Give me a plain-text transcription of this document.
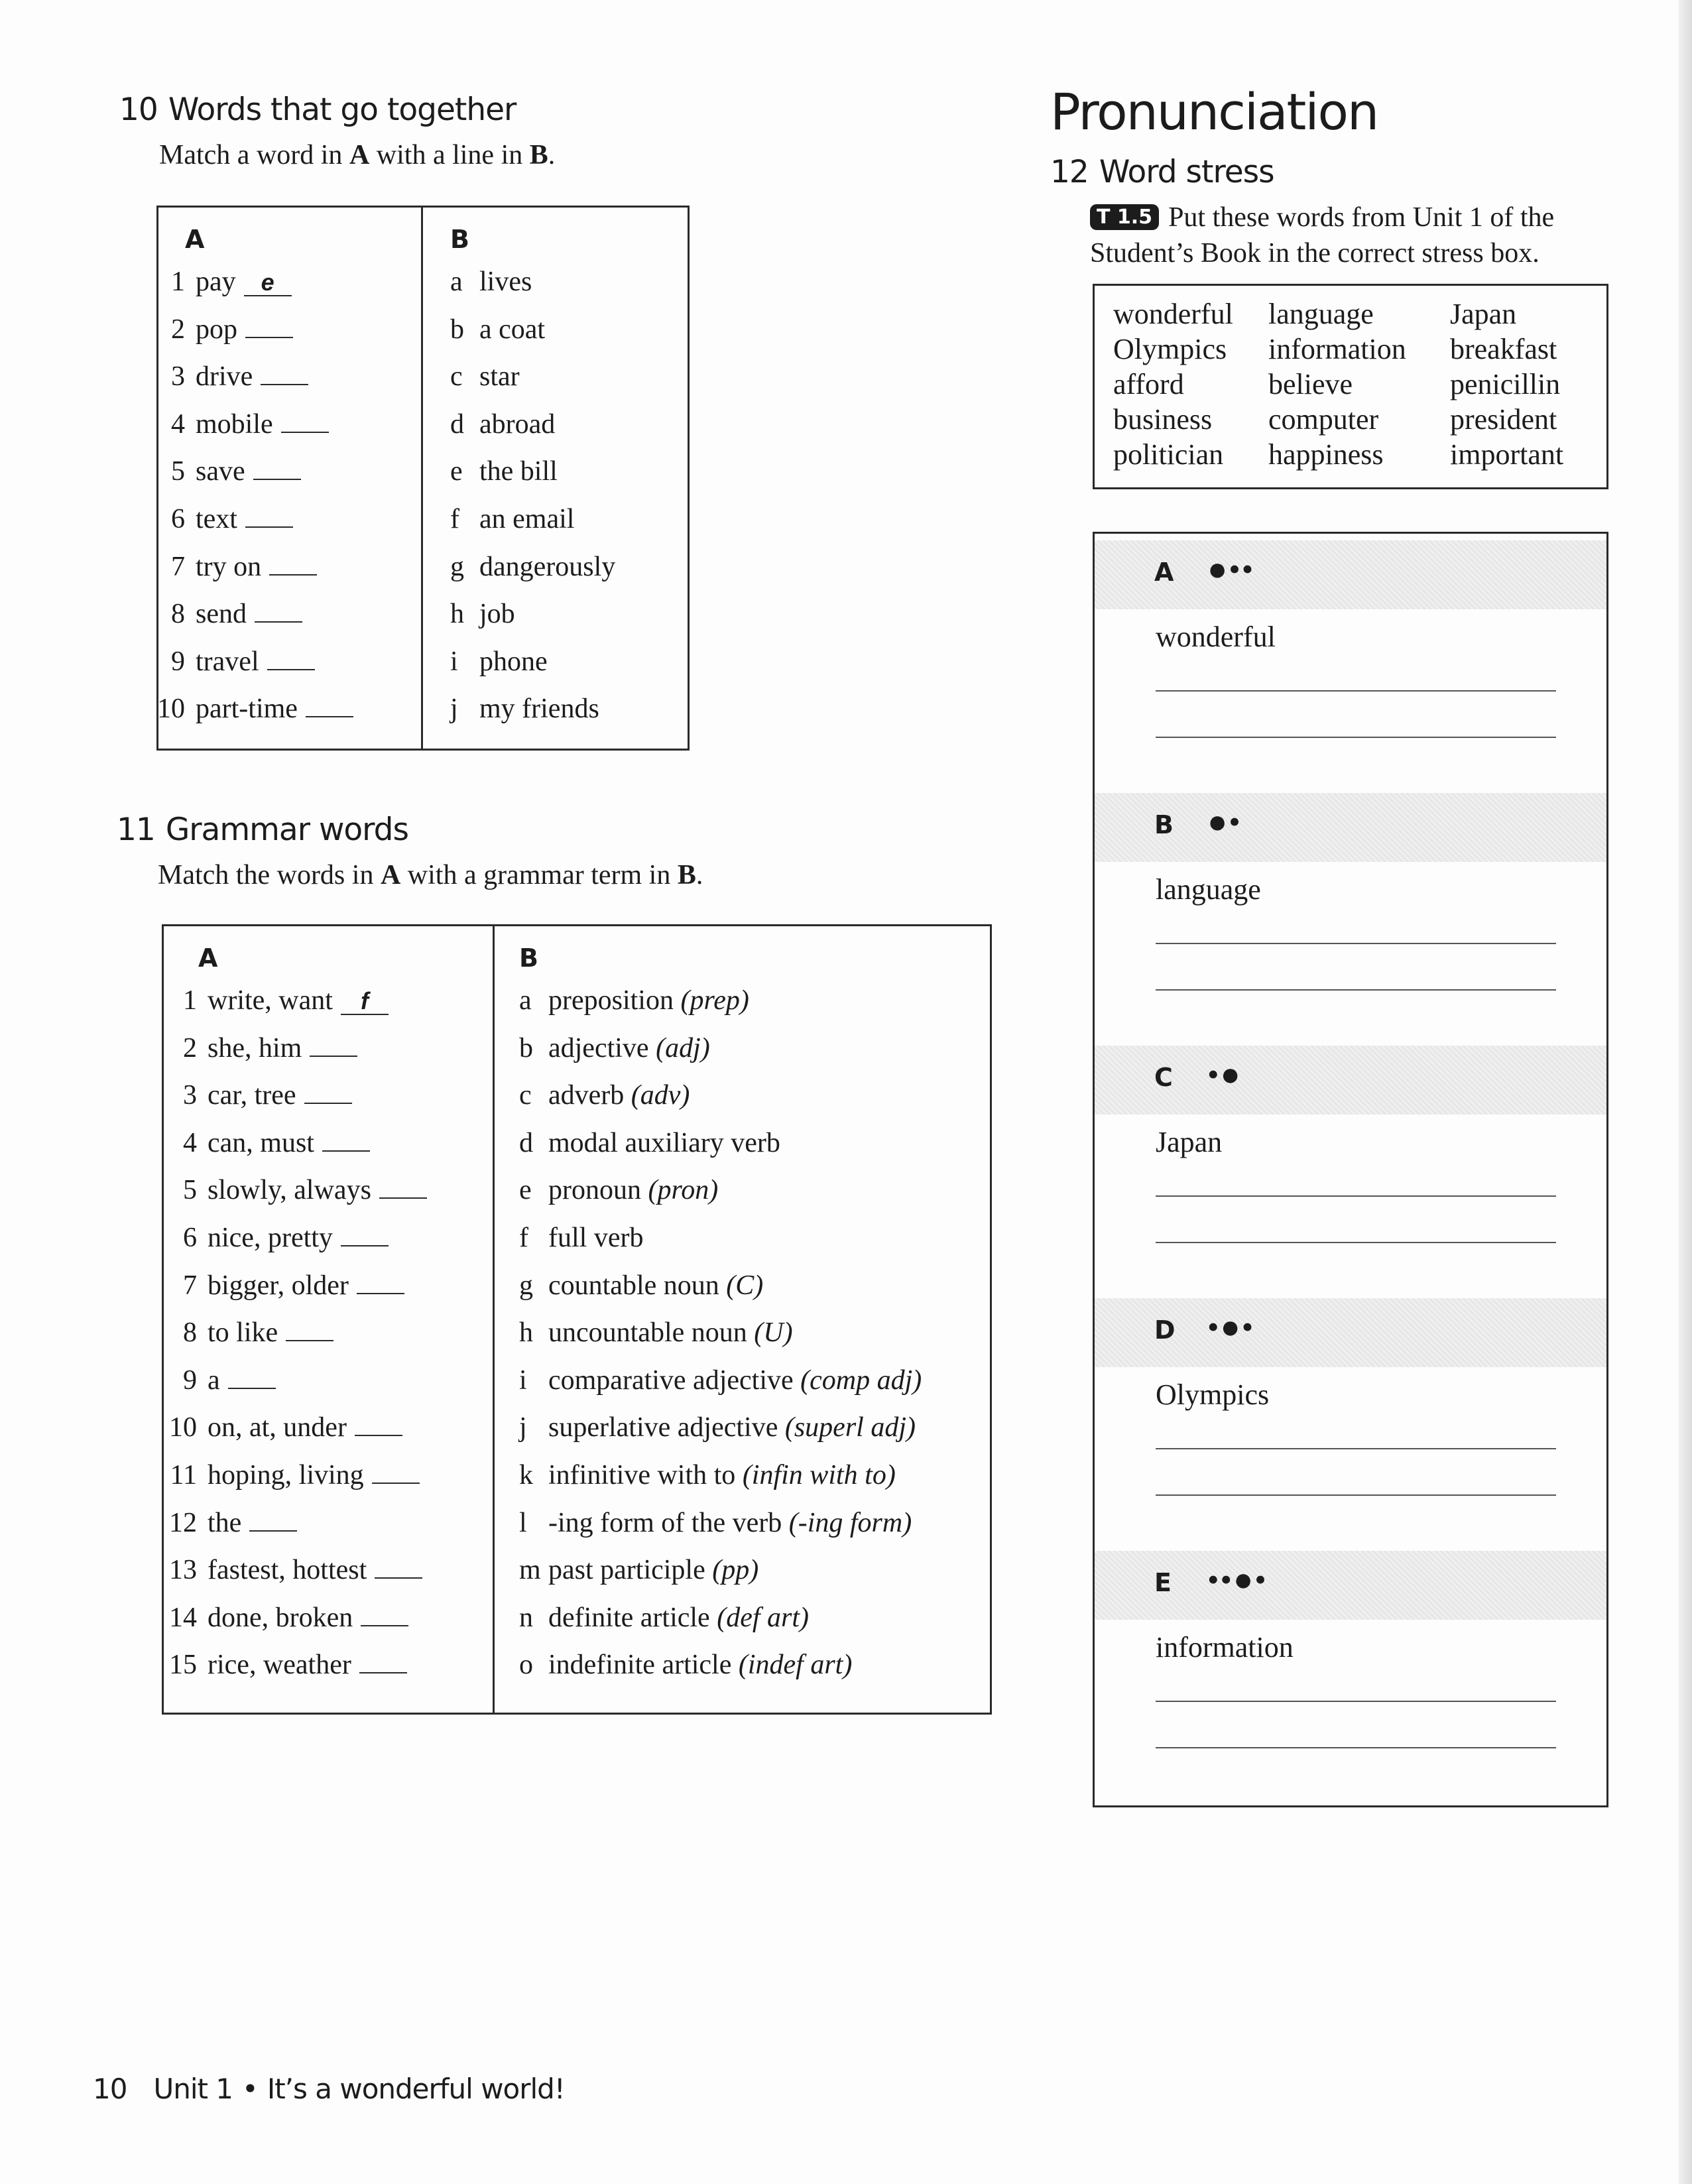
10 Words that go together
Match a word in A with a line in B.
A	B
1 pay e
2 pop
3 drive
4 mobile
5 save
6 text
7 try on
8 send
9 travel
10 part-time
a lives
b a coat
c star
d abroad
e the bill
f an email
g dangerously
h job
i phone
j my friends
11 Grammar words
Match the words in A with a grammar term in B.
A	B
1 write, want f
2 she, him
3 car, tree
4 can, must
5 slowly, always
6 nice, pretty
7 bigger, older
8 to like
9 a
10 on, at, under
11 hoping, living
12 the
13 fastest, hottest
14 done, broken
15 rice, weather
a preposition (prep)
b adjective (adj)
c adverb (adv)
d modal auxiliary verb
e pronoun (pron)
f full verb
g countable noun (C)
h uncountable noun (U)
i comparative adjective (comp adj)
j superlative adjective (superl adj)
k infinitive with to (infin with to)
l -ing form of the verb (-ing form)
m past participle (pp)
n definite article (def art)
o indefinite article (indef art)
Pronunciation
12 Word stress
T 1.5 Put these words from Unit 1 of the
Student’s Book in the correct stress box.
wonderful
Olympics
afford
business
politician
language
information
believe
computer
happiness
Japan
breakfast
penicillin
president
important
A ●••
wonderful
B ●•
language
C •●
Japan
D •●•
Olympics
E ••●•
information
10 Unit 1 • It’s a wonderful world!
